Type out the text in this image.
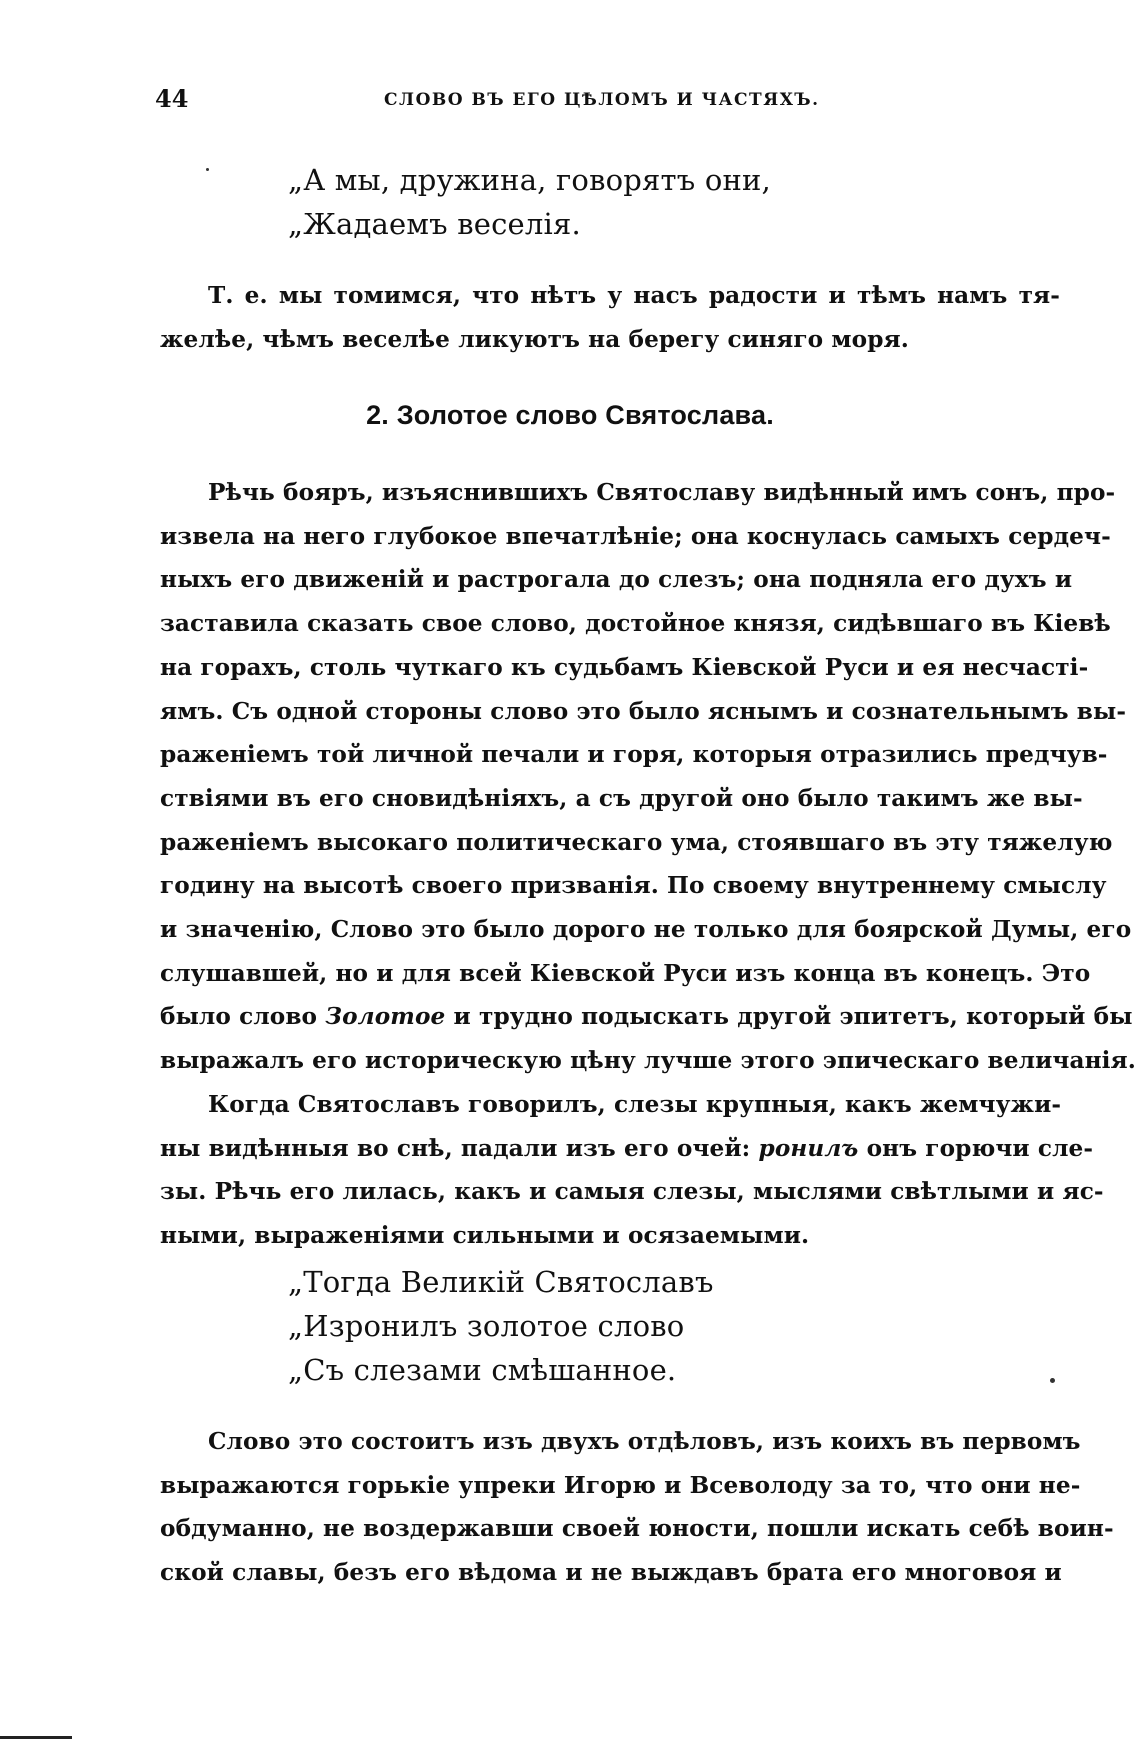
44	СЛОВО ВЪ ЕГО ЦѢЛОМЪ И ЧАСТЯХЪ.
„А мы, дружина, говорятъ они,
„Жадаемъ веселія.
Т. е. мы томимся, что нѣтъ у насъ радости и тѣмъ намъ тя-
желѣе, чѣмъ веселѣе ликуютъ на берегу синяго моря.
2. Золотое слово Святослава.
Рѣчь бояръ, изъяснившихъ Святославу видѣнный имъ сонъ, про-
извела на него глубокое впечатлѣніе; она коснулась самыхъ сердеч-
ныхъ его движеній и растрогала до слезъ; она подняла его духъ и
заставила сказать свое слово, достойное князя, сидѣвшаго въ Кіевѣ
на горахъ, столь чуткаго къ судьбамъ Кіевской Руси и ея несчасті-
ямъ. Съ одной стороны слово это было яснымъ и сознательнымъ вы-
раженіемъ той личной печали и горя, которыя отразились предчув-
ствіями въ его сновидѣніяхъ, а съ другой оно было такимъ же вы-
раженіемъ высокаго политическаго ума, стоявшаго въ эту тяжелую
годину на высотѣ своего призванія. По своему внутреннему смыслу
и значенію, Слово это было дорого не только для боярской Думы, его
слушавшей, но и для всей Кіевской Руси изъ конца въ конецъ. Это
было слово Золотое и трудно подыскать другой эпитетъ, который бы
выражалъ его историческую цѣну лучше этого эпическаго величанія.
Когда Святославъ говорилъ, слезы крупныя, какъ жемчужи-
ны видѣнныя во снѣ, падали изъ его очей: ронилъ онъ горючи сле-
зы. Рѣчь его лилась, какъ и самыя слезы, мыслями свѣтлыми и яс-
ными, выраженіями сильными и осязаемыми.
„Тогда Великій Святославъ
„Изронилъ золотое слово
„Съ слезами смѣшанное.
Слово это состоитъ изъ двухъ отдѣловъ, изъ коихъ въ первомъ
выражаются горькіе упреки Игорю и Всеволоду за то, что они не-
обдуманно, не воздержавши своей юности, пошли искать себѣ воин-
ской славы, безъ его вѣдома и не выждавъ брата его многовоя и
